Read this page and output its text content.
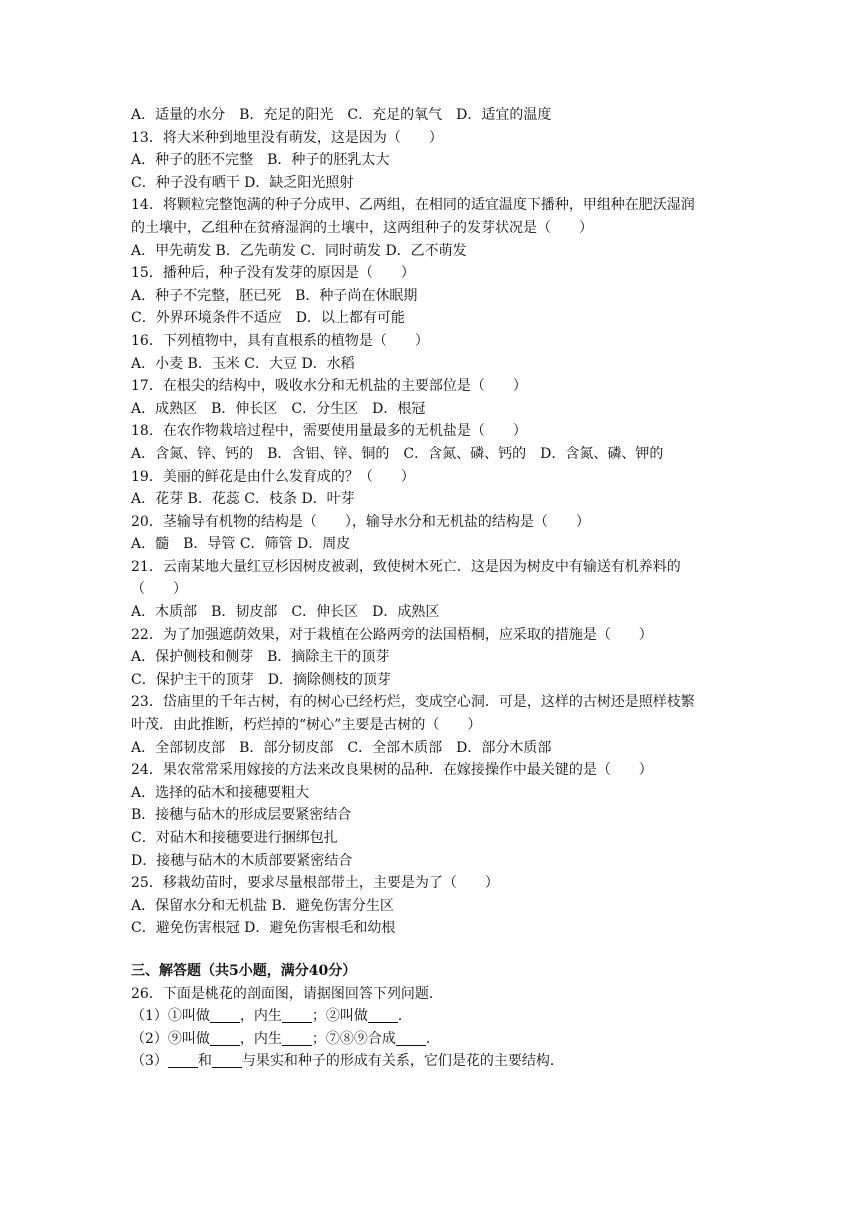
A．适量的水分　B．充足的阳光　C．充足的氧气　D．适宜的温度
13．将大米种到地里没有萌发，这是因为（　　）
A．种子的胚不完整　B．种子的胚乳太大
C．种子没有晒干 D．缺乏阳光照射
14．将颗粒完整饱满的种子分成甲、乙两组，在相同的适宜温度下播种，甲组种在肥沃湿润
的土壤中，乙组种在贫瘠湿润的土壤中，这两组种子的发芽状况是（　　）
A．甲先萌发 B．乙先萌发 C．同时萌发 D．乙不萌发
15．播种后，种子没有发芽的原因是（　　）
A．种子不完整，胚已死　B．种子尚在休眠期
C．外界环境条件不适应　D．以上都有可能
16．下列植物中，具有直根系的植物是（　　）
A．小麦 B．玉米 C．大豆 D．水稻
17．在根尖的结构中，吸收水分和无机盐的主要部位是（　　）
A．成熟区　B．伸长区　C．分生区　D．根冠
18．在农作物栽培过程中，需要使用量最多的无机盐是（　　）
A．含氮、锌、钙的　B．含铝、锌、铜的　C．含氮、磷、钙的　D．含氮、磷、钾的
19．美丽的鲜花是由什么发育成的？（　　）
A．花芽 B．花蕊 C．枝条 D．叶芽
20．茎输导有机物的结构是（　　），输导水分和无机盐的结构是（　　）
A．髓　B．导管 C．筛管 D．周皮
21．云南某地大量红豆杉因树皮被剥，致使树木死亡．这是因为树皮中有输送有机养料的
（　　）
A．木质部　B．韧皮部　C．伸长区　D．成熟区
22．为了加强遮荫效果，对于栽植在公路两旁的法国梧桐，应采取的措施是（　　）
A．保护侧枝和侧芽　B．摘除主干的顶芽
C．保护主干的顶芽　D．摘除侧枝的顶芽
23．岱庙里的千年古树，有的树心已经朽烂，变成空心洞．可是，这样的古树还是照样枝繁
叶茂．由此推断，朽烂掉的“树心”主要是古树的（　　）
A．全部韧皮部　B．部分韧皮部　C．全部木质部　D．部分木质部
24．果农常常采用嫁接的方法来改良果树的品种．在嫁接操作中最关键的是（　　）
A．选择的砧木和接穗要粗大
B．接穗与砧木的形成层要紧密结合
C．对砧木和接穗要进行捆绑包扎
D．接穗与砧木的木质部要紧密结合
25．移栽幼苗时，要求尽量根部带土，主要是为了（　　）
A．保留水分和无机盐 B．避免伤害分生区
C．避免伤害根冠 D．避免伤害根毛和幼根
三、解答题（共5小题，满分40分）
26．下面是桃花的剖面图，请据图回答下列问题．
（1）①叫做 ，内生 ；②叫做 ．
（2）⑨叫做 ，内生 ；⑦⑧⑨合成 ．
（3） 和 与果实和种子的形成有关系，它们是花的主要结构．
